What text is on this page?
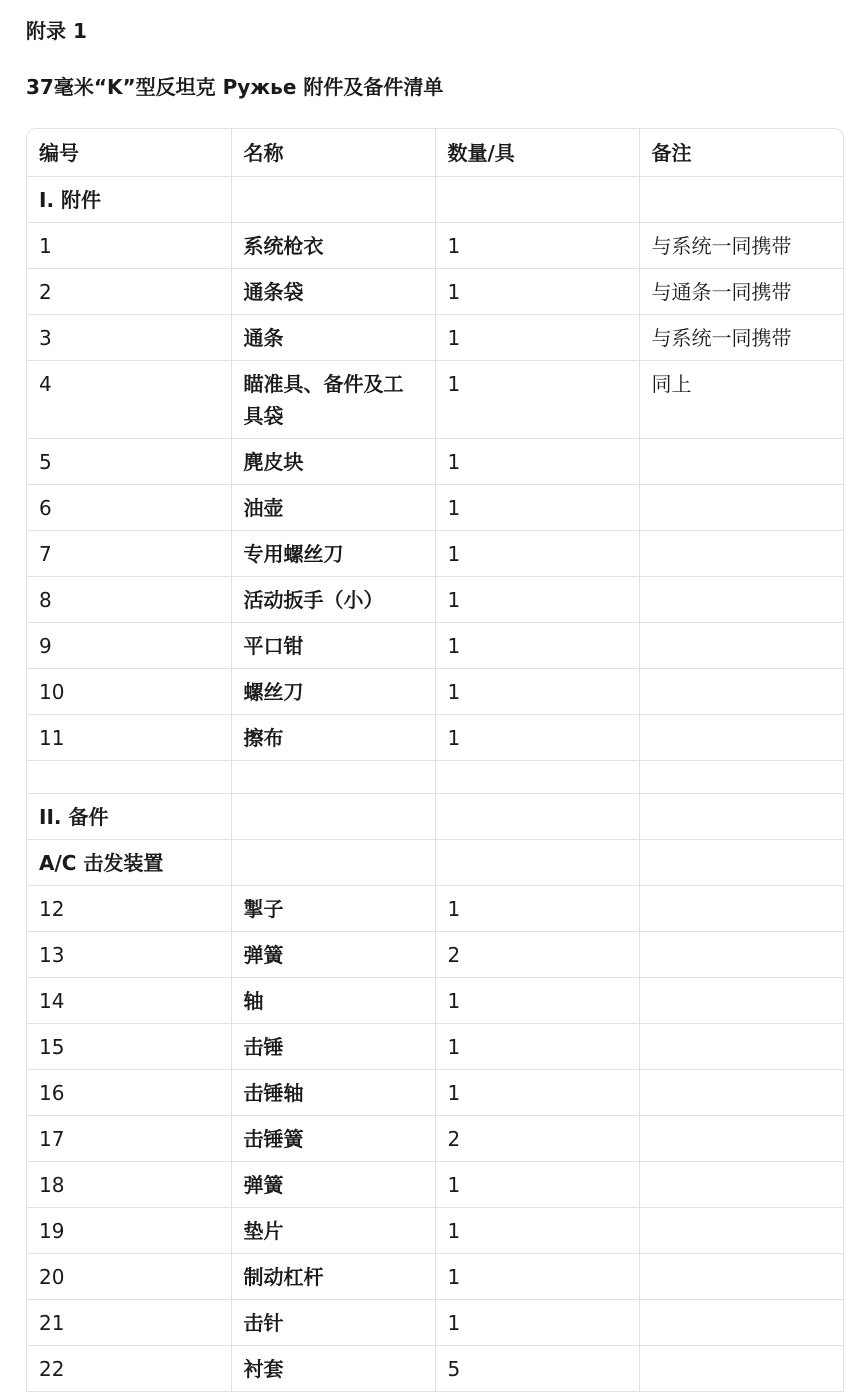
附录 1
37毫米“K”型反坦克 Ружье 附件及备件清单
编号	名称	数量/具	备注
I. 附件			
1	系统枪衣	1	与系统一同携带
2	通条袋	1	与通条一同携带
3	通条	1	与系统一同携带
4	瞄准具、备件及工具袋	1	同上
5	麂皮块	1	
6	油壶	1	
7	专用螺丝刀	1	
8	活动扳手（小）	1	
9	平口钳	1	
10	螺丝刀	1	
11	擦布	1	

II. 备件			
A/C 击发装置			
12	掣子	1	
13	弹簧	2	
14	轴	1	
15	击锤	1	
16	击锤轴	1	
17	击锤簧	2	
18	弹簧	1	
19	垫片	1	
20	制动杠杆	1	
21	击针	1	
22	衬套	5	
